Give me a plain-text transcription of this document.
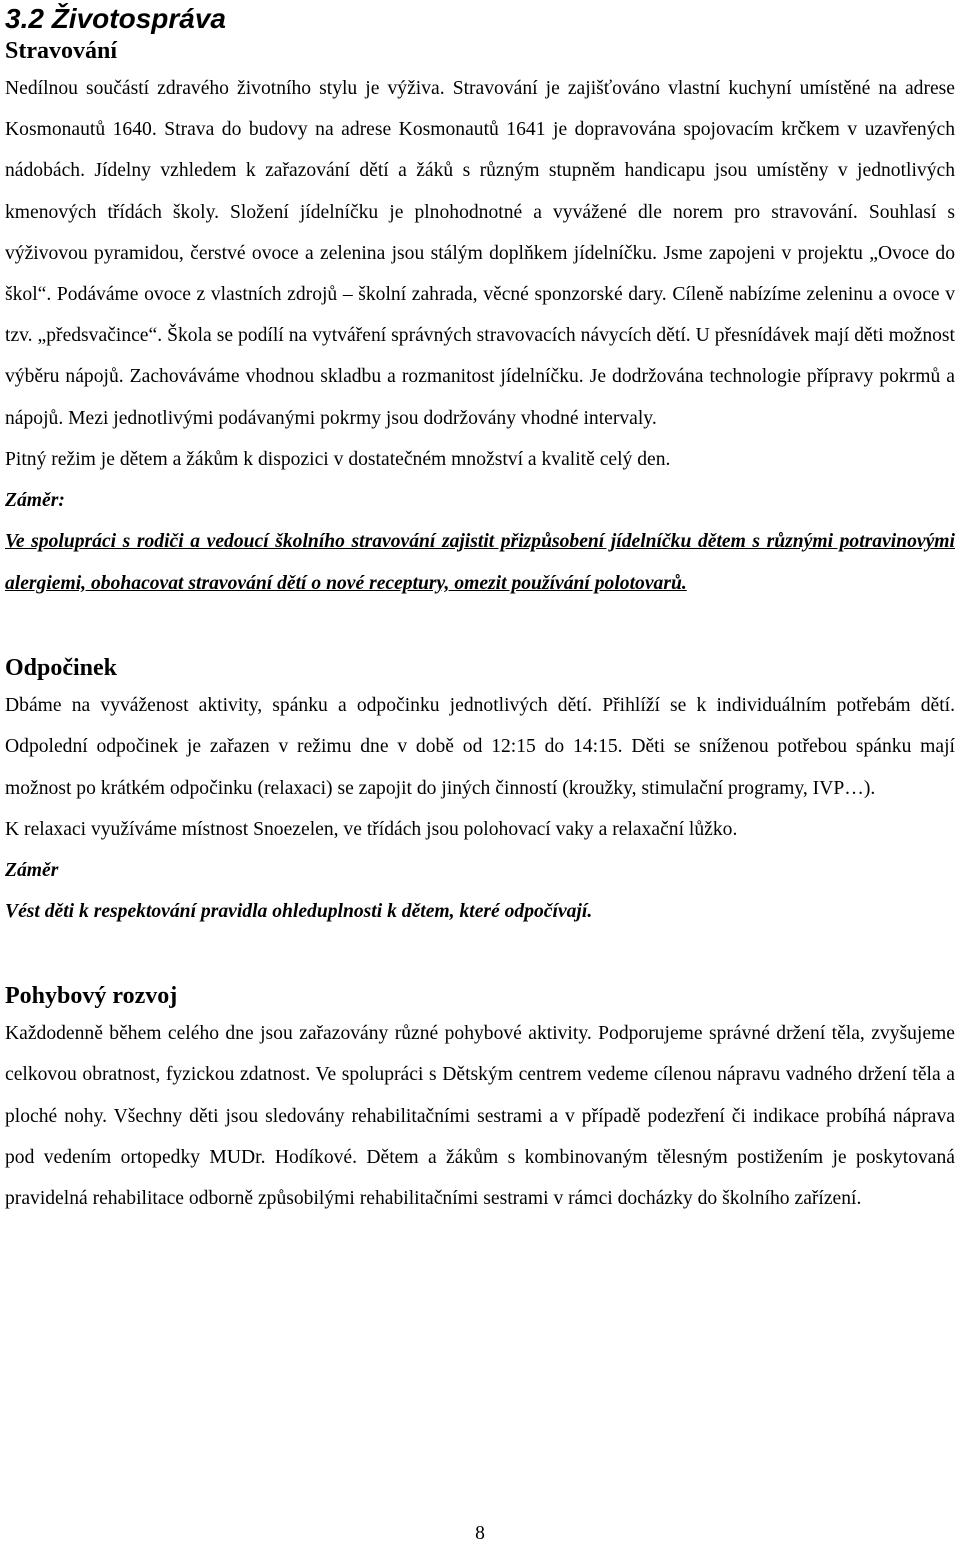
3.2 Životospráva
Stravování

Nedílnou součástí zdravého životního stylu je výživa. Stravování je zajišťováno vlastní kuchyní umístěné na adrese Kosmonautů 1640. Strava do budovy na adrese Kosmonautů 1641 je dopravována spojovacím krčkem v uzavřených nádobách. Jídelny vzhledem k zařazování dětí a žáků s různým stupněm handicapu jsou umístěny v jednotlivých kmenových třídách školy. Složení jídelníčku je plnohodnotné a vyvážené dle norem pro stravování. Souhlasí s výživovou pyramidou, čerstvé ovoce a zelenina jsou stálým doplňkem jídelníčku. Jsme zapojeni v projektu „Ovoce do škol“. Podáváme ovoce z vlastních zdrojů – školní zahrada, věcné sponzorské dary. Cíleně nabízíme zeleninu a ovoce v tzv. „předsvačince“. Škola se podílí na vytváření správných stravovacích návycích dětí. U přesnídávek mají děti možnost výběru nápojů. Zachováváme vhodnou skladbu a rozmanitost jídelníčku. Je dodržována technologie přípravy pokrmů a nápojů. Mezi jednotlivými podávanými pokrmy jsou dodržovány vhodné intervaly.

Pitný režim je dětem a žákům k dispozici v dostatečném množství a kvalitě celý den.

Záměr:
Ve spolupráci s rodiči a vedoucí školního stravování zajistit přizpůsobení jídelníčku dětem s různými potravinovými alergiemi, obohacovat stravování dětí o nové receptury, omezit používání polotovarů.
Odpočinek

Dbáme na vyváženost aktivity, spánku a odpočinku jednotlivých dětí. Přihlíží se k individuálním potřebám dětí. Odpolední odpočinek je zařazen v režimu dne v době od 12:15 do 14:15. Děti se sníženou potřebou spánku mají možnost po krátkém odpočinku (relaxaci) se zapojit do jiných činností (kroužky, stimulační programy, IVP…).

K relaxaci využíváme místnost Snoezelen, ve třídách jsou polohovací vaky a relaxační lůžko.

Záměr
Vést děti k respektování pravidla ohleduplnosti k dětem, které odpočívají.
Pohybový rozvoj

Každodenně během celého dne jsou zařazovány různé pohybové aktivity. Podporujeme správné držení těla, zvyšujeme celkovou obratnost, fyzickou zdatnost. Ve spolupráci s Dětským centrem vedeme cílenou nápravu vadného držení těla a ploché nohy. Všechny děti jsou sledovány rehabilitačními sestrami a v případě podezření či indikace probíhá náprava pod vedením ortopedky MUDr. Hodíkové. Dětem a žákům s kombinovaným tělesným postižením je poskytovaná pravidelná rehabilitace odborně způsobilými rehabilitačními sestrami v rámci docházky do školního zařízení.

8
